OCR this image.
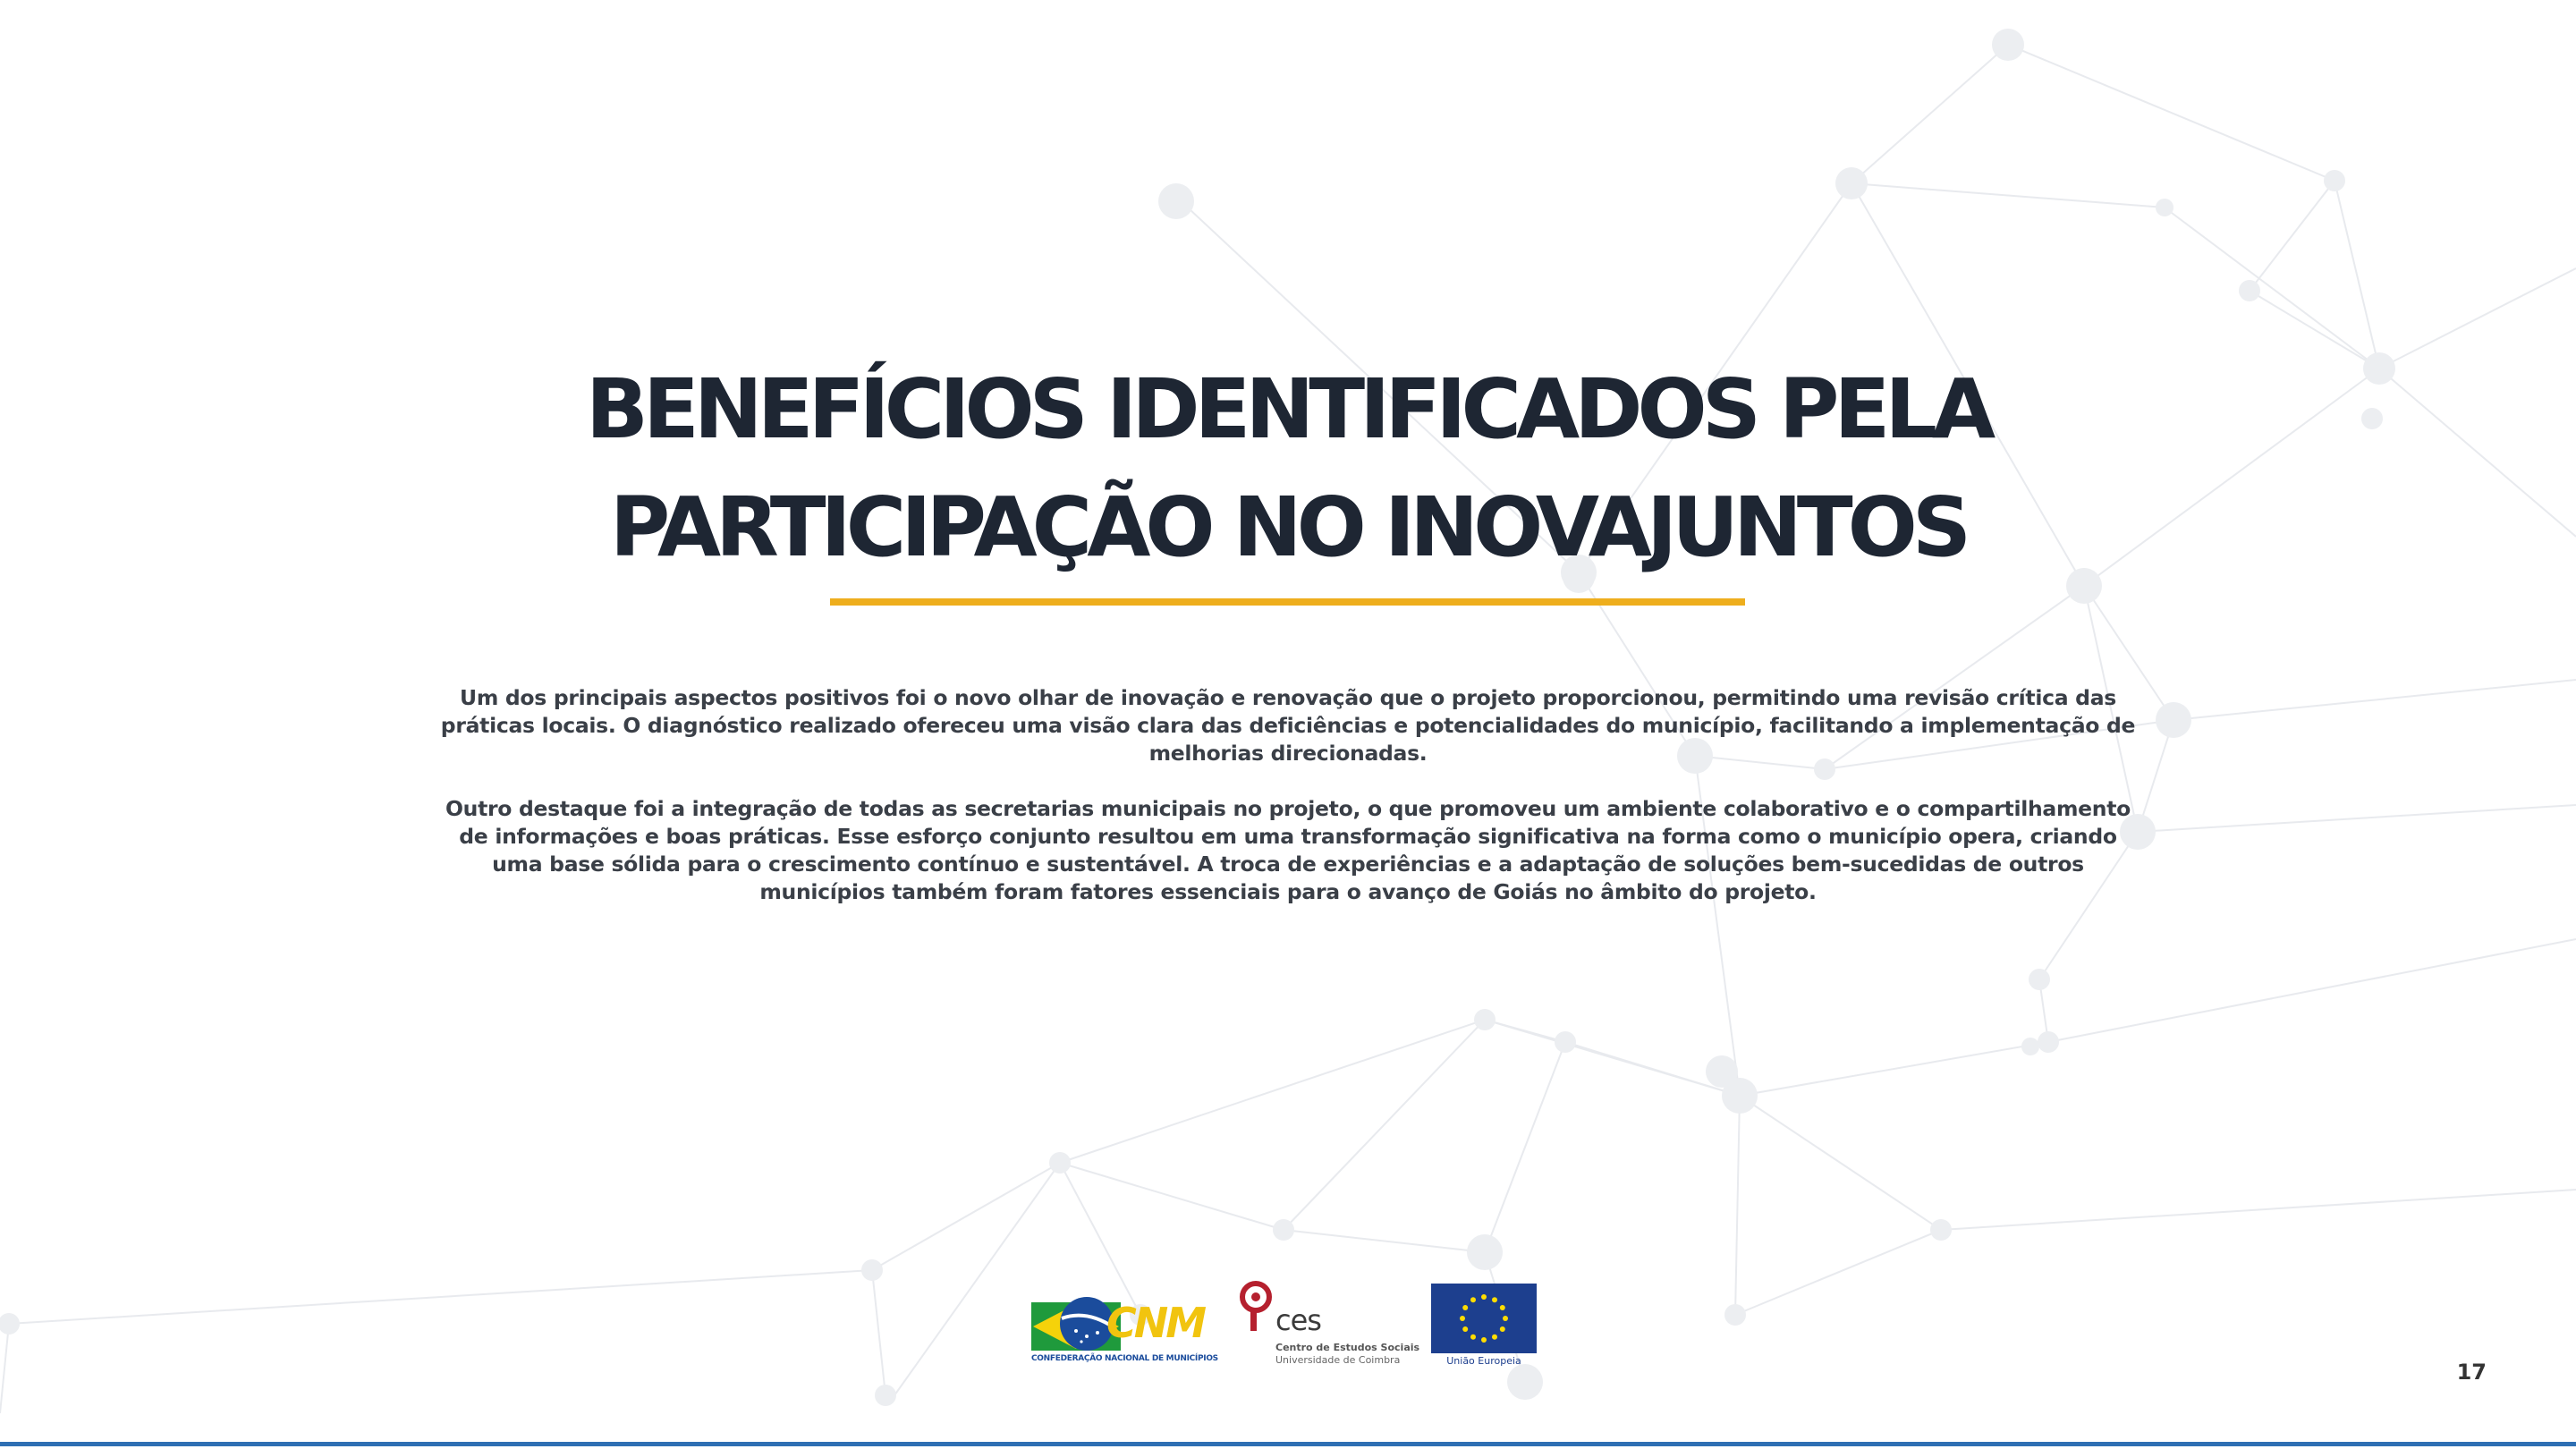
BENEFÍCIOS IDENTIFICADOS PELA
PARTICIPAÇÃO NO INOVAJUNTOS

Um dos principais aspectos positivos foi o novo olhar de inovação e renovação que o projeto proporcionou, permitindo uma revisão crítica das práticas locais. O diagnóstico realizado ofereceu uma visão clara das deficiências e potencialidades do município, facilitando a implementação de melhorias direcionadas.

Outro destaque foi a integração de todas as secretarias municipais no projeto, o que promoveu um ambiente colaborativo e o compartilhamento de informações e boas práticas. Esse esforço conjunto resultou em uma transformação significativa na forma como o município opera, criando uma base sólida para o crescimento contínuo e sustentável. A troca de experiências e a adaptação de soluções bem-sucedidas de outros municípios também foram fatores essenciais para o avanço de Goiás no âmbito do projeto.

CNM
CONFEDERAÇÃO NACIONAL DE MUNICÍPIOS
ces
Centro de Estudos Sociais
Universidade de Coimbra	União Europeia	17
